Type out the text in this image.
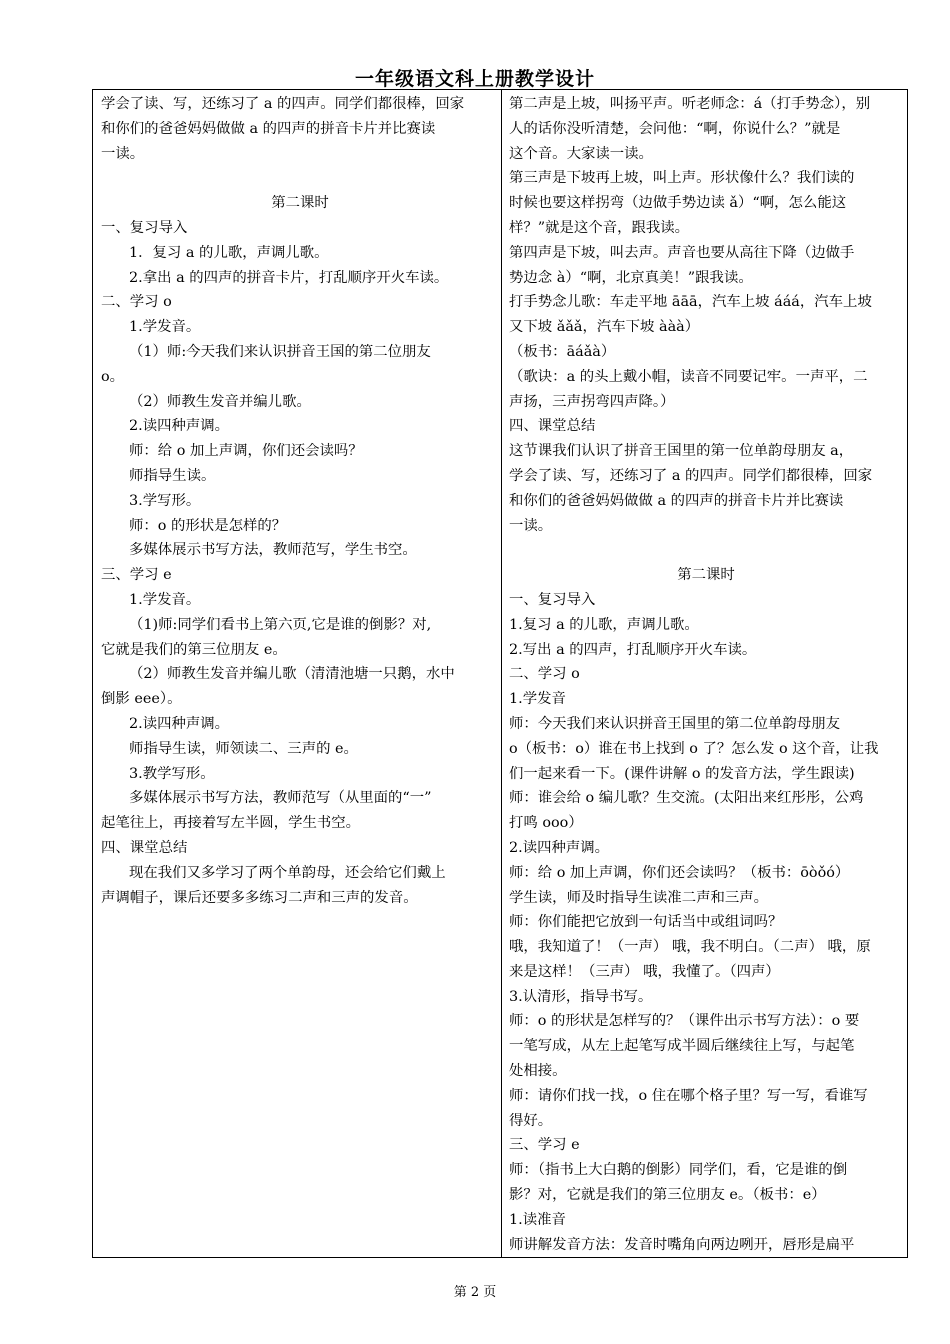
一年级语文科上册教学设计
学会了读、写，还练习了 a 的四声。同学们都很棒，回家
和你们的爸爸妈妈做做 a 的四声的拼音卡片并比赛读
一读。
第二课时
一、复习导入
1．复习 a 的儿歌，声调儿歌。
2.拿出 a 的四声的拼音卡片，打乱顺序开火车读。
二、学习 o
1.学发音。
（1）师:今天我们来认识拼音王国的第二位朋友
o。
（2）师教生发音并编儿歌。
2.读四种声调。
师：给 o 加上声调，你们还会读吗？
师指导生读。
3.学写形。
师：o 的形状是怎样的？
多媒体展示书写方法，教师范写，学生书空。
三、学习 e
1.学发音。
（1)师:同学们看书上第六页,它是谁的倒影？对,
它就是我们的第三位朋友 e。
（2）师教生发音并编儿歌（清清池塘一只鹅，水中
倒影 eee）。
2.读四种声调。
师指导生读，师领读二、三声的 e。
3.教学写形。
多媒体展示书写方法，教师范写（从里面的“一”
起笔往上，再接着写左半圆，学生书空。
四、课堂总结
现在我们又多学习了两个单韵母，还会给它们戴上
声调帽子，课后还要多多练习二声和三声的发音。
第二声是上坡，叫扬平声。听老师念：á（打手势念），别
人的话你没听清楚，会问他：“啊，你说什么？”就是
这个音。大家读一读。
第三声是下坡再上坡，叫上声。形状像什么？我们读的
时候也要这样拐弯（边做手势边读 ǎ）“啊，怎么能这
样？”就是这个音，跟我读。
第四声是下坡，叫去声。声音也要从高往下降（边做手
势边念 à）“啊，北京真美！”跟我读。
打手势念儿歌：车走平地 āāā，汽车上坡 ááá，汽车上坡
又下坡 ǎǎǎ，汽车下坡 ààà）
（板书：āáǎà）
（歌诀：a 的头上戴小帽，读音不同要记牢。一声平，二
声扬，三声拐弯四声降。）
四、课堂总结
这节课我们认识了拼音王国里的第一位单韵母朋友 a，
学会了读、写，还练习了 a 的四声。同学们都很棒，回家
和你们的爸爸妈妈做做 a 的四声的拼音卡片并比赛读
一读。
第二课时
一、复习导入
1.复习 a 的儿歌，声调儿歌。
2.写出 a 的四声，打乱顺序开火车读。
二、学习 o
1.学发音
师：今天我们来认识拼音王国里的第二位单韵母朋友
o（板书：o）谁在书上找到 o 了？怎么发 o 这个音，让我
们一起来看一下。(课件讲解 o 的发音方法，学生跟读)
师：谁会给 o 编儿歌？生交流。(太阳出来红彤彤，公鸡
打鸣 ooo）
2.读四种声调。
师：给 o 加上声调，你们还会读吗？（板书：ōòǒó）
学生读，师及时指导生读准二声和三声。
师：你们能把它放到一句话当中或组词吗？
哦，我知道了！（一声） 哦，我不明白。（二声） 哦，原
来是这样！（三声） 哦，我懂了。（四声）
3.认清形，指导书写。
师：o 的形状是怎样写的？（课件出示书写方法）：o 要
一笔写成，从左上起笔写成半圆后继续往上写，与起笔
处相接。
师：请你们找一找，o 住在哪个格子里？写一写，看谁写
得好。
三、学习 e
师：（指书上大白鹅的倒影）同学们，看，它是谁的倒
影？对，它就是我们的第三位朋友 e。（板书：e）
1.读准音
师讲解发音方法：发音时嘴角向两边咧开，唇形是扁平
第 2 页
